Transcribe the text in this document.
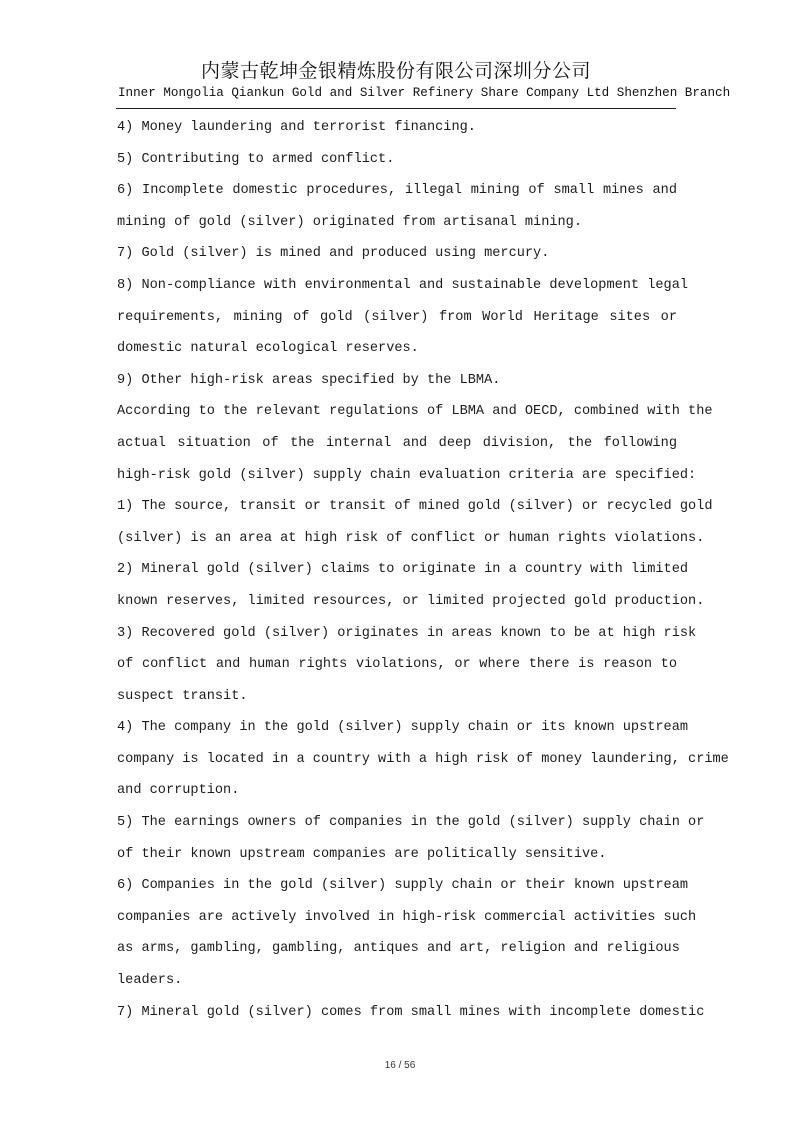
内蒙古乾坤金银精炼股份有限公司深圳分公司
Inner Mongolia Qiankun Gold and Silver Refinery Share Company Ltd Shenzhen Branch
4) Money laundering and terrorist financing.
5) Contributing to armed conflict.
6) Incomplete domestic procedures, illegal mining of small mines and
mining of gold (silver) originated from artisanal mining.
7) Gold (silver) is mined and produced using mercury.
8) Non-compliance with environmental and sustainable development legal
requirements, mining of gold (silver) from World Heritage sites or
domestic natural ecological reserves.
9) Other high-risk areas specified by the LBMA.
According to the relevant regulations of LBMA and OECD, combined with the
actual situation of the internal and deep division, the following
high-risk gold (silver) supply chain evaluation criteria are specified:
1) The source, transit or transit of mined gold (silver) or recycled gold
(silver) is an area at high risk of conflict or human rights violations.
2) Mineral gold (silver) claims to originate in a country with limited
known reserves, limited resources, or limited projected gold production.
3) Recovered gold (silver) originates in areas known to be at high risk
of conflict and human rights violations, or where there is reason to
suspect transit.
4) The company in the gold (silver) supply chain or its known upstream
company is located in a country with a high risk of money laundering, crime
and corruption.
5) The earnings owners of companies in the gold (silver) supply chain or
of their known upstream companies are politically sensitive.
6) Companies in the gold (silver) supply chain or their known upstream
companies are actively involved in high-risk commercial activities such
as arms, gambling, gambling, antiques and art, religion and religious
leaders.
7) Mineral gold (silver) comes from small mines with incomplete domestic
16 / 56
